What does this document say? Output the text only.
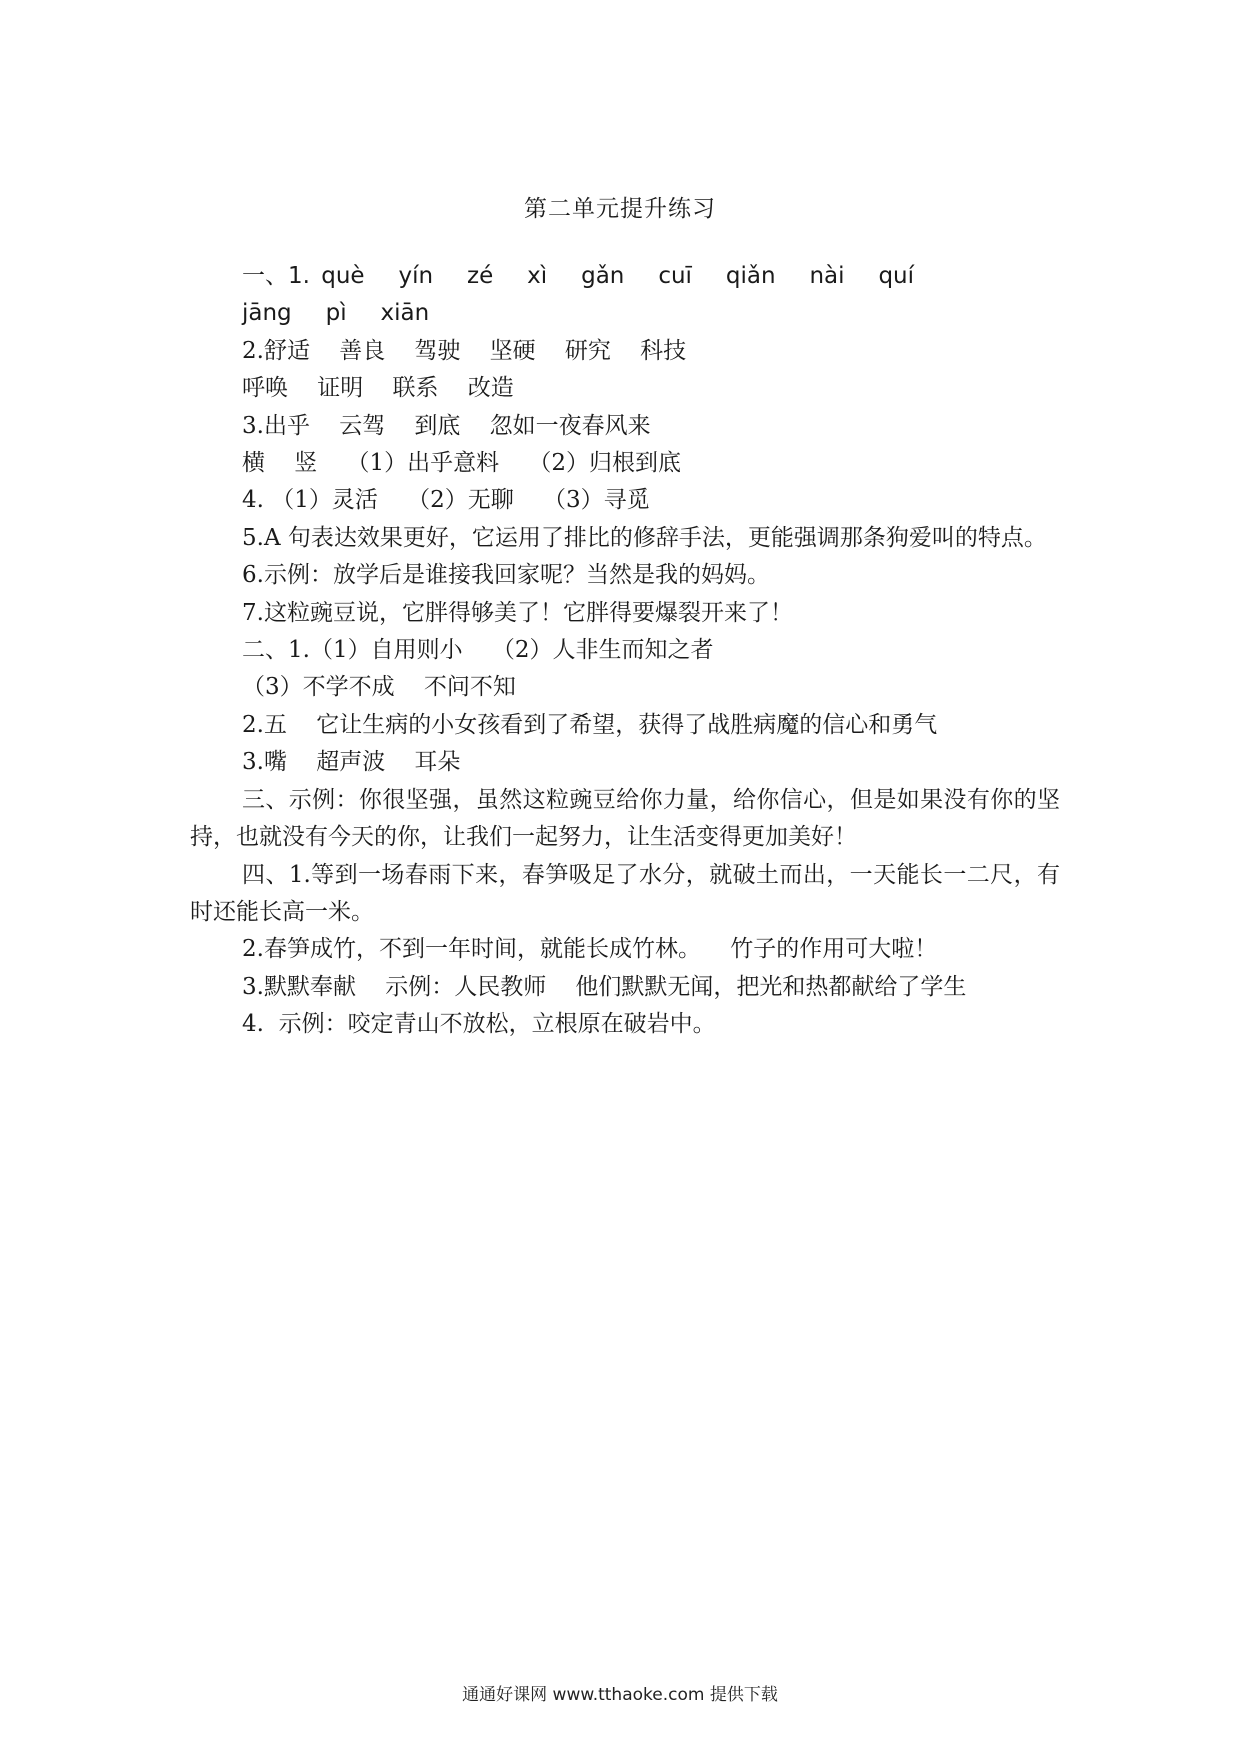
第二单元提升练习
一、1. què   yín   zé   xì   gǎn   cuī   qiǎn   nài   quí
jāng   pì   xiān
2.舒适    善良    驾驶    坚硬    研究    科技
呼唤    证明    联系    改造
3.出乎    云驾    到底    忽如一夜春风来
横    竖    （1）出乎意料    （2）归根到底
4. （1）灵活    （2）无聊    （3）寻觅
5.A 句表达效果更好，它运用了排比的修辞手法，更能强调那条狗爱叫的特点。
6.示例：放学后是谁接我回家呢？当然是我的妈妈。
7.这粒豌豆说，它胖得够美了！它胖得要爆裂开来了！
二、1.（1）自用则小    （2）人非生而知之者
（3）不学不成    不问不知
2.五    它让生病的小女孩看到了希望，获得了战胜病魔的信心和勇气
3.嘴    超声波    耳朵
三、示例：你很坚强，虽然这粒豌豆给你力量，给你信心，但是如果没有你的坚持，也就没有今天的你，让我们一起努力，让生活变得更加美好！
四、1.等到一场春雨下来，春笋吸足了水分，就破土而出，一天能长一二尺，有时还能长高一米。
2.春笋成竹，不到一年时间，就能长成竹林。    竹子的作用可大啦！
3.默默奉献    示例：人民教师    他们默默无闻，把光和热都献给了学生
4.  示例：咬定青山不放松，立根原在破岩中。
通通好课网 www.tthaoke.com 提供下载
